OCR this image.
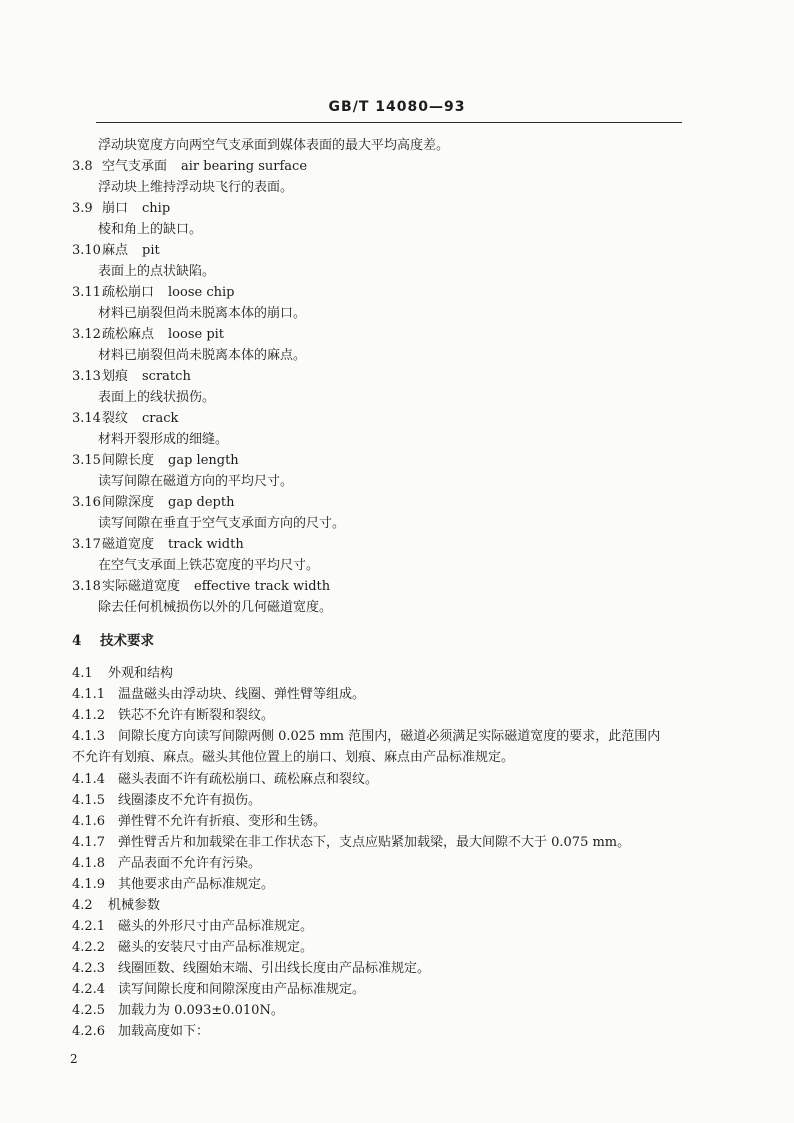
GB/T 14080—93
浮动块宽度方向两空气支承面到媒体表面的最大平均高度差。
3.8 空气支承面 air bearing surface
浮动块上维持浮动块飞行的表面。
3.9 崩口 chip
棱和角上的缺口。
3.10麻点 pit
表面上的点状缺陷。
3.11疏松崩口 loose chip
材料已崩裂但尚未脱离本体的崩口。
3.12疏松麻点 loose pit
材料已崩裂但尚未脱离本体的麻点。
3.13划痕 scratch
表面上的线状损伤。
3.14裂纹 crack
材料开裂形成的细缝。
3.15间隙长度 gap length
读写间隙在磁道方向的平均尺寸。
3.16间隙深度 gap depth
读写间隙在垂直于空气支承面方向的尺寸。
3.17磁道宽度 track width
在空气支承面上铁芯宽度的平均尺寸。
3.18实际磁道宽度 effective track width
除去任何机械损伤以外的几何磁道宽度。
4 技术要求
4.1 外观和结构
4.1.1 温盘磁头由浮动块、线圈、弹性臂等组成。
4.1.2 铁芯不允许有断裂和裂纹。
4.1.3 间隙长度方向读写间隙两侧 0.025 mm 范围内，磁道必须满足实际磁道宽度的要求，此范围内
不允许有划痕、麻点。磁头其他位置上的崩口、划痕、麻点由产品标准规定。
4.1.4 磁头表面不许有疏松崩口、疏松麻点和裂纹。
4.1.5 线圈漆皮不允许有损伤。
4.1.6 弹性臂不允许有折痕、变形和生锈。
4.1.7 弹性臂舌片和加载梁在非工作状态下，支点应贴紧加载梁，最大间隙不大于 0.075 mm。
4.1.8 产品表面不允许有污染。
4.1.9 其他要求由产品标准规定。
4.2 机械参数
4.2.1 磁头的外形尺寸由产品标准规定。
4.2.2 磁头的安装尺寸由产品标准规定。
4.2.3 线圈匝数、线圈始末端、引出线长度由产品标准规定。
4.2.4 读写间隙长度和间隙深度由产品标准规定。
4.2.5 加载力为 0.093±0.010N。
4.2.6 加载高度如下：
2
